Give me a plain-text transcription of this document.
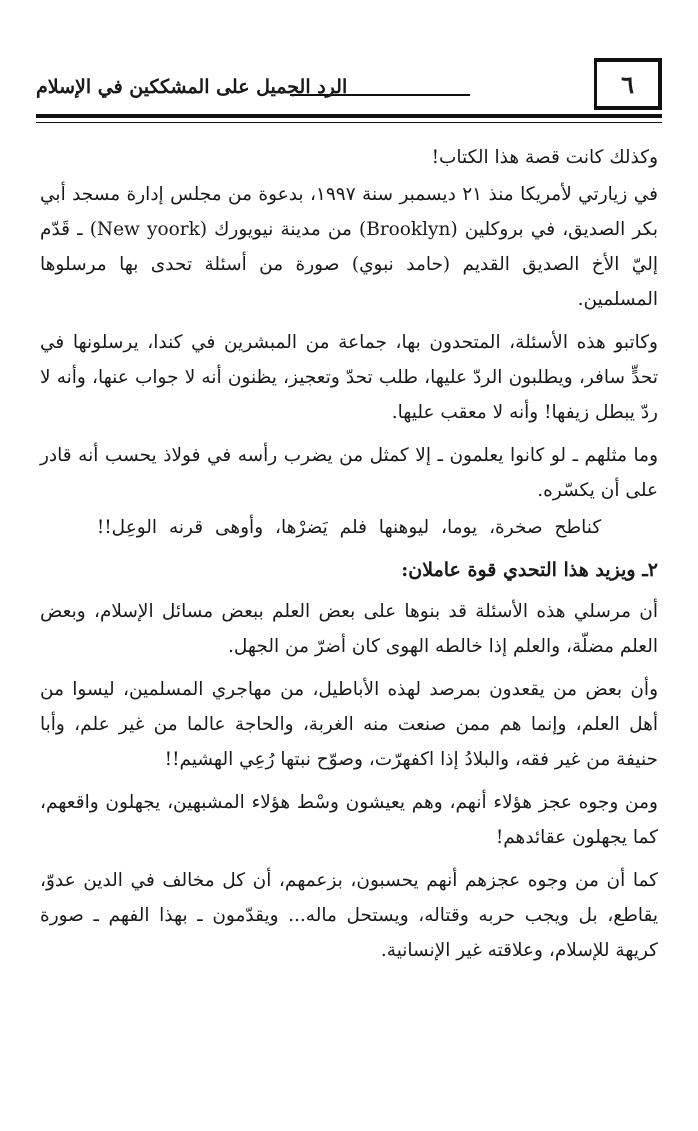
٦
الرد الجميل على المشككين في الإسلام

وكذلك كانت قصة هذا الكتاب!

في زيارتي لأمريكا منذ ٢١ ديسمبر سنة ١٩٩٧، بدعوة من مجلس إدارة مسجد أبي بكر الصديق، في بروكلين (Brooklyn) من مدينة نيويورك (New yoork) ـ قَدّم إليّ الأخ الصديق القديم (حامد نبوي) صورة من أسئلة تحدى بها مرسلوها المسلمين.

وكاتبو هذه الأسئلة، المتحدون بها، جماعة من المبشرين في كندا، يرسلونها في تحدٍّ سافر، ويطلبون الردّ عليها، طلب تحدّ وتعجيز، يظنون أنه لا جواب عنها، وأنه لا ردّ يبطل زيفها! وأنه لا معقب عليها.

وما مثلهم ـ لو كانوا يعلمون ـ إلا كمثل من يضرب رأسه في فولاذ يحسب أنه قادر على أن يكسّره.

كناطح صخرة، يوما، ليوهنها فلم يَضرْها، وأوهى قرنه الوعِل!!

٢ـ ويزيد هذا التحدي قوة عاملان:

أن مرسلي هذه الأسئلة قد بنوها على بعض العلم ببعض مسائل الإسلام، وبعض العلم مضلّة، والعلم إذا خالطه الهوى كان أضرّ من الجهل.

وأن بعض من يقعدون بمرصد لهذه الأباطيل، من مهاجري المسلمين، ليسوا من أهل العلم، وإنما هم ممن صنعت منه الغربة، والحاجة عالما من غير علم، وأبا حنيفة من غير فقه، والبلادُ إذا اكفهرّت، وصوّح نبتها رُعِي الهشيم!!

ومن وجوه عجز هؤلاء أنهم، وهم يعيشون وسْط هؤلاء المشبهين، يجهلون واقعهم، كما يجهلون عقائدهم!

كما أن من وجوه عجزهم أنهم يحسبون، بزعمهم، أن كل مخالف في الدين عدوّ، يقاطع، بل ويجب حربه وقتاله، ويستحل ماله... ويقدّمون ـ بهذا الفهم ـ صورة كريهة للإسلام، وعلاقته غير الإنسانية.
